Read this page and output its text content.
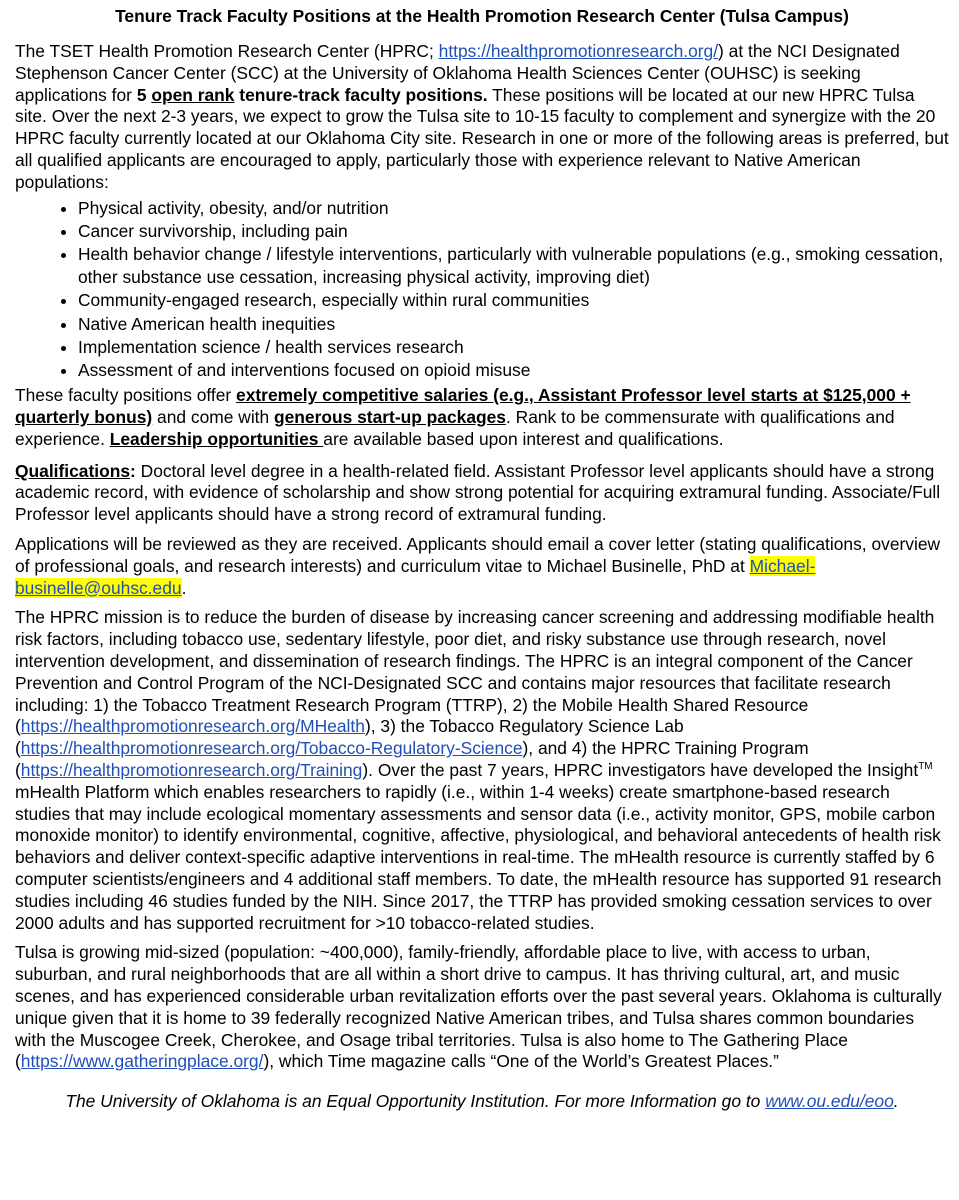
Tenure Track Faculty Positions at the Health Promotion Research Center (Tulsa Campus)

The TSET Health Promotion Research Center (HPRC; https://healthpromotionresearch.org/) at the NCI Designated Stephenson Cancer Center (SCC) at the University of Oklahoma Health Sciences Center (OUHSC) is seeking applications for 5 open rank tenure-track faculty positions. These positions will be located at our new HPRC Tulsa site. Over the next 2-3 years, we expect to grow the Tulsa site to 10-15 faculty to complement and synergize with the 20 HPRC faculty currently located at our Oklahoma City site. Research in one or more of the following areas is preferred, but all qualified applicants are encouraged to apply, particularly those with experience relevant to Native American populations:

• Physical activity, obesity, and/or nutrition
• Cancer survivorship, including pain
• Health behavior change / lifestyle interventions, particularly with vulnerable populations (e.g., smoking cessation, other substance use cessation, increasing physical activity, improving diet)
• Community-engaged research, especially within rural communities
• Native American health inequities
• Implementation science / health services research
• Assessment of and interventions focused on opioid misuse

These faculty positions offer extremely competitive salaries (e.g., Assistant Professor level starts at $125,000 + quarterly bonus) and come with generous start-up packages. Rank to be commensurate with qualifications and experience. Leadership opportunities are available based upon interest and qualifications.

Qualifications: Doctoral level degree in a health-related field. Assistant Professor level applicants should have a strong academic record, with evidence of scholarship and show strong potential for acquiring extramural funding. Associate/Full Professor level applicants should have a strong record of extramural funding.

Applications will be reviewed as they are received. Applicants should email a cover letter (stating qualifications, overview of professional goals, and research interests) and curriculum vitae to Michael Businelle, PhD at Michael-businelle@ouhsc.edu.

The HPRC mission is to reduce the burden of disease by increasing cancer screening and addressing modifiable health risk factors, including tobacco use, sedentary lifestyle, poor diet, and risky substance use through research, novel intervention development, and dissemination of research findings. The HPRC is an integral component of the Cancer Prevention and Control Program of the NCI-Designated SCC and contains major resources that facilitate research including: 1) the Tobacco Treatment Research Program (TTRP), 2) the Mobile Health Shared Resource (https://healthpromotionresearch.org/MHealth), 3) the Tobacco Regulatory Science Lab (https://healthpromotionresearch.org/Tobacco-Regulatory-Science), and 4) the HPRC Training Program (https://healthpromotionresearch.org/Training). Over the past 7 years, HPRC investigators have developed the Insight™ mHealth Platform which enables researchers to rapidly (i.e., within 1-4 weeks) create smartphone-based research studies that may include ecological momentary assessments and sensor data (i.e., activity monitor, GPS, mobile carbon monoxide monitor) to identify environmental, cognitive, affective, physiological, and behavioral antecedents of health risk behaviors and deliver context-specific adaptive interventions in real-time. The mHealth resource is currently staffed by 6 computer scientists/engineers and 4 additional staff members. To date, the mHealth resource has supported 91 research studies including 46 studies funded by the NIH. Since 2017, the TTRP has provided smoking cessation services to over 2000 adults and has supported recruitment for >10 tobacco-related studies.

Tulsa is growing mid-sized (population: ~400,000), family-friendly, affordable place to live, with access to urban, suburban, and rural neighborhoods that are all within a short drive to campus. It has thriving cultural, art, and music scenes, and has experienced considerable urban revitalization efforts over the past several years. Oklahoma is culturally unique given that it is home to 39 federally recognized Native American tribes, and Tulsa shares common boundaries with the Muscogee Creek, Cherokee, and Osage tribal territories. Tulsa is also home to The Gathering Place (https://www.gatheringplace.org/), which Time magazine calls “One of the World’s Greatest Places.”

The University of Oklahoma is an Equal Opportunity Institution. For more Information go to www.ou.edu/eoo.
